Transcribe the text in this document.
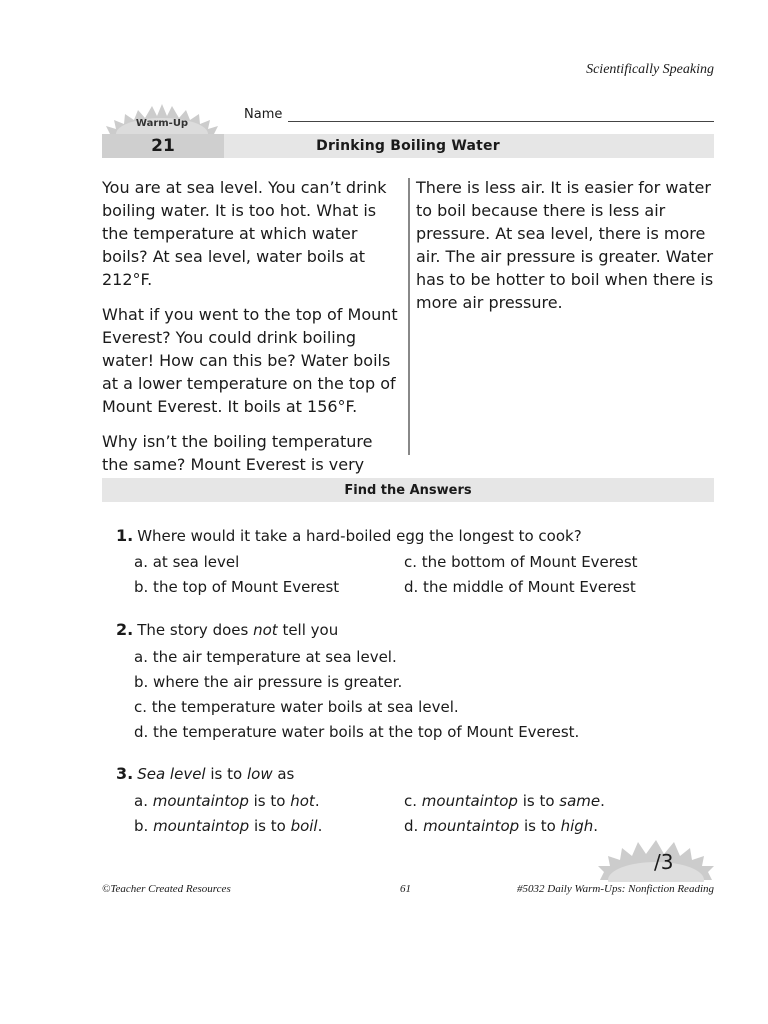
Scientifically Speaking
Warm-Up
Name
21	Drinking Boiling Water

You are at sea level. You can’t drink boiling water. It is too hot. What is the temperature at which water boils? At sea level, water boils at 212°F.

What if you went to the top of Mount Everest? You could drink boiling water! How can this be? Water boils at a lower temperature on the top of Mount Everest. It boils at 156°F.

Why isn’t the boiling temperature the same? Mount Everest is very

There is less air. It is easier for water to boil because there is less air pressure. At sea level, there is more air. The air pressure is greater. Water has to be hotter to boil when there is more air pressure.

Find the Answers
1. Where would it take a hard-boiled egg the longest to cook?
a. at sea level	c. the bottom of Mount Everest
b. the top of Mount Everest	d. the middle of Mount Everest
2. The story does not tell you
a. the air temperature at sea level.
b. where the air pressure is greater.
c. the temperature water boils at sea level.
d. the temperature water boils at the top of Mount Everest.
3. Sea level is to low as
a. mountaintop is to hot.	c. mountaintop is to same.
b. mountaintop is to boil.	d. mountaintop is to high.
/3
©Teacher Created Resources	61	#5032 Daily Warm-Ups: Nonfiction Reading
